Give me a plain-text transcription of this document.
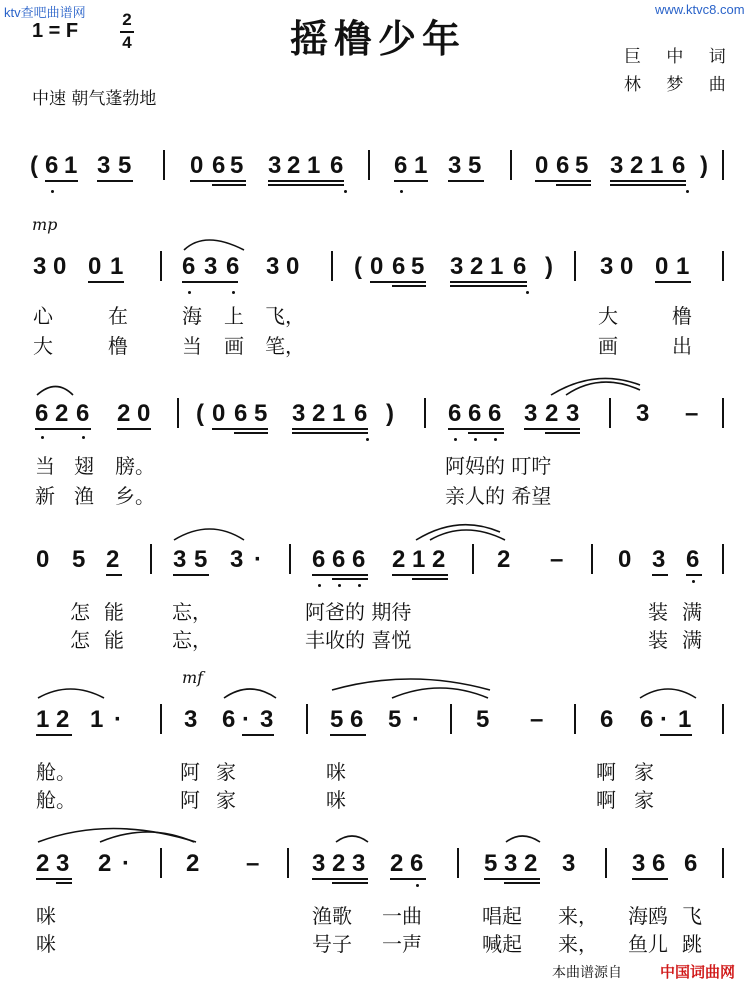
ktv查吧曲谱网	www.ktvc8.com
摇橹少年
1 = F
2
4
巨 中 词
林 梦 曲
中速 朝气蓬勃地
( 6 1 3 5 0 6 5 3 2 1 6 6 1 3 5 0 6 5 3 2 1 6 )
mp
3 0 0 1 6 3 6 3 0 ( 0 6 5 3 2 1 6 ) 3 0 0 1
心	在	海 上 飞，	大	橹
大	橹	当 画 笔，	画	出
6 2 6 2 0 ( 0 6 5 3 2 1 6 ) 6 6 6 3 2 3 3 –
当 翅 膀。	阿妈的 叮咛
新 渔 乡。	亲人的 希望
0 5 2 3 5 3 · 6 6 6 2 1 2 2 – 0 3 6
怎 能 忘，	阿爸的 期待	装 满
怎 能 忘，	丰收的 喜悦	装 满
mf
1 2 1 ·	3 6 · 3 5 6 5 · 5 – 6 6 · 1
舱。	阿 家	咪	啊 家
舱。	阿 家	咪	啊 家
2 3 2 · 2 – 3 2 3 2 6	5 3 2 3 3 6 6
咪	渔歌 一曲	唱起 来， 海鸥 飞
咪	号子 一声	喊起 来， 鱼儿 跳
本曲谱源自	中国词曲网
